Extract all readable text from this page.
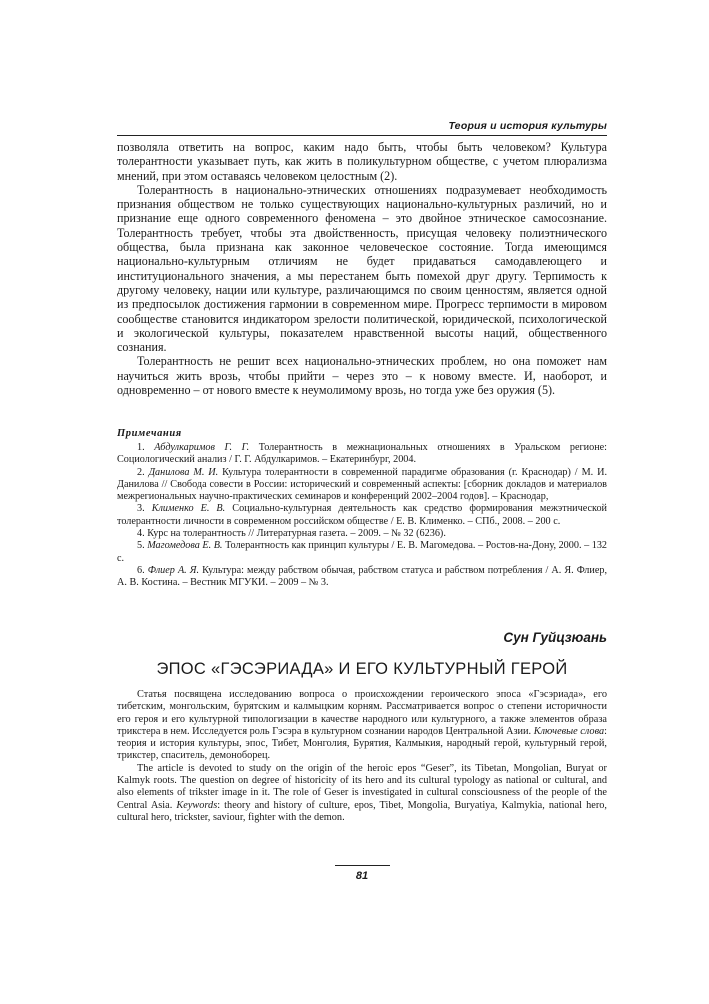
Теория и история культуры

позволяла ответить на вопрос, каким надо быть, чтобы быть человеком? Культура толерантности указывает путь, как жить в поликультурном обществе, с учетом плюрализма мнений, при этом оставаясь человеком целостным (2).

Толерантность в национально-этнических отношениях подразумевает необходимость признания обществом не только существующих национально-культурных различий, но и признание еще одного современного феномена – это двойное этническое самосознание. Толерантность требует, чтобы эта двойственность, присущая человеку полиэтнического общества, была признана как законное человеческое состояние. Тогда имеющимся национально-культурным отличиям не будет придаваться самодавлеющего и институционального значения, а мы перестанем быть помехой друг другу. Терпимость к другому человеку, нации или культуре, различающимся по своим ценностям, является одной из предпосылок достижения гармонии в современном мире. Прогресс терпимости в мировом сообществе становится индикатором зрелости политической, юридической, психологической и экологической культуры, показателем нравственной высоты наций, общественного сознания.

Толерантность не решит всех национально-этнических проблем, но она поможет нам научиться жить врозь, чтобы прийти – через это – к новому вместе. И, наоборот, и одновременно – от нового вместе к неумолимому врозь, но тогда уже без оружия (5).

Примечания

1. Абдулкаримов Г. Г. Толерантность в межнациональных отношениях в Уральском регионе: Социологический анализ / Г. Г. Абдулкаримов. – Екатеринбург, 2004.

2. Данилова М. И. Культура толерантности в современной парадигме образования (г. Краснодар) / М. И. Данилова // Свобода совести в России: исторический и современный аспекты: [сборник докладов и материалов межрегиональных научно-практических семинаров и конференций 2002–2004 годов]. – Краснодар,

3. Клименко Е. В. Социально-культурная деятельность как средство формирования межэтнической толерантности личности в современном российском обществе / Е. В. Клименко. – СПб., 2008. – 200 с.

4. Курс на толерантность // Литературная газета. – 2009. – № 32 (6236).

5. Магомедова Е. В. Толерантность как принцип культуры / Е. В. Магомедова. – Ростов-на-Дону, 2000. – 132 с.

6. Флиер А. Я. Культура: между рабством обычая, рабством статуса и рабством потребления / А. Я. Флиер, А. В. Костина. – Вестник МГУКИ. – 2009 – № 3.

Сун Гуйцзюань
ЭПОС «ГЭСЭРИАДА» И ЕГО КУЛЬТУРНЫЙ ГЕРОЙ

Статья посвящена исследованию вопроса о происхождении героического эпоса «Гэсэриада», его тибетским, монгольским, бурятским и калмыцким корням. Рассматривается вопрос о степени историчности его героя и его культурной типологизации в качестве народного или культурного, а также элементов образа трикстера в нем. Исследуется роль Гэсэра в культурном сознании народов Центральной Азии. Ключевые слова: теория и история культуры, эпос, Тибет, Монголия, Бурятия, Калмыкия, народный герой, культурный герой, трикстер, спаситель, демоноборец.

The article is devoted to study on the origin of the heroic epos “Geser”, its Tibetan, Mongolian, Buryat or Kalmyk roots. The question on degree of historicity of its hero and its cultural typology as national or cultural, and also elements of trikster image in it. The role of Geser is investigated in cultural consciousness of the people of the Central Asia. Keywords: theory and history of culture, epos, Tibet, Mongolia, Buryatiya, Kalmykia, national hero, cultural hero, trickster, saviour, fighter with the demon.

81
